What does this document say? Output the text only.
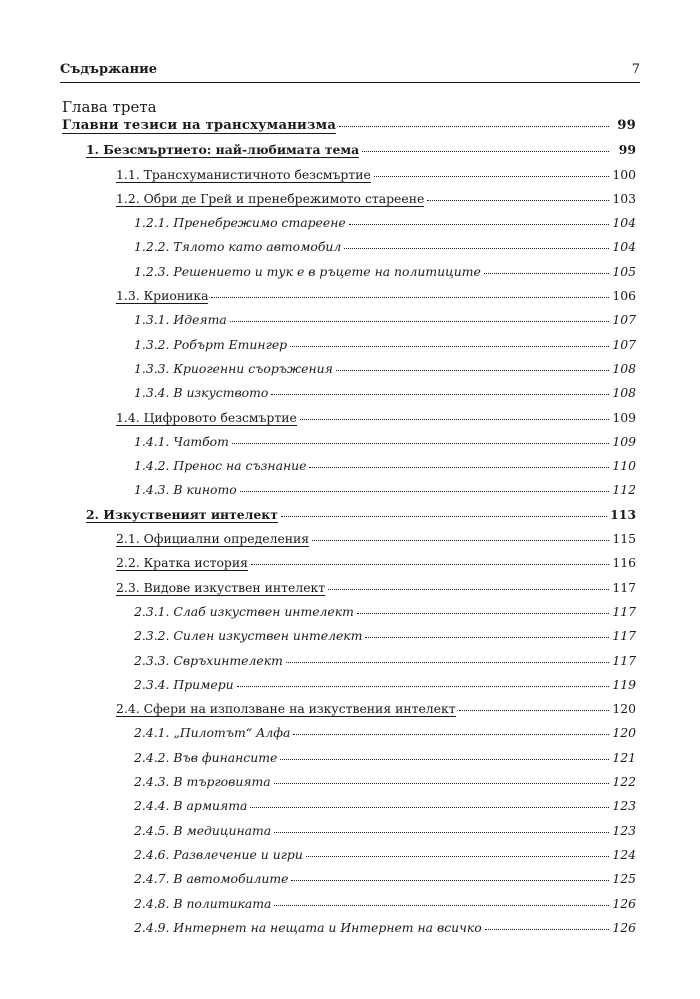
Съдържание	7
Глава трета
Главни тезиси на трансхуманизма	99
1. Безсмъртието: най-любимата тема	99
1.1. Трансхуманистичното безсмъртие	100
1.2. Обри де Грей и пренебрежимото стареене	103
1.2.1. Пренебрежимо стареене	104
1.2.2. Тялото като автомобил	104
1.2.3. Решението и тук е в ръцете на политиците	105
1.3. Крионика	106
1.3.1. Идеята	107
1.3.2. Робърт Етингер	107
1.3.3. Криогенни съоръжения	108
1.3.4. В изкуството	108
1.4. Цифровото безсмъртие	109
1.4.1. Чатбот	109
1.4.2. Пренос на съзнание	110
1.4.3. В киното	112
2. Изкуственият интелект	113
2.1. Официални определения	115
2.2. Кратка история	116
2.3. Видове изкуствен интелект	117
2.3.1. Слаб изкуствен интелект	117
2.3.2. Силен изкуствен интелект	117
2.3.3. Свръхинтелект	117
2.3.4. Примери	119
2.4. Сфери на използване на изкуствения интелект	120
2.4.1. „Пилотът“ Алфа	120
2.4.2. Във финансите	121
2.4.3. В търговията	122
2.4.4. В армията	123
2.4.5. В медицината	123
2.4.6. Развлечение и игри	124
2.4.7. В автомобилите	125
2.4.8. В политиката	126
2.4.9. Интернет на нещата и Интернет на всичко	126
